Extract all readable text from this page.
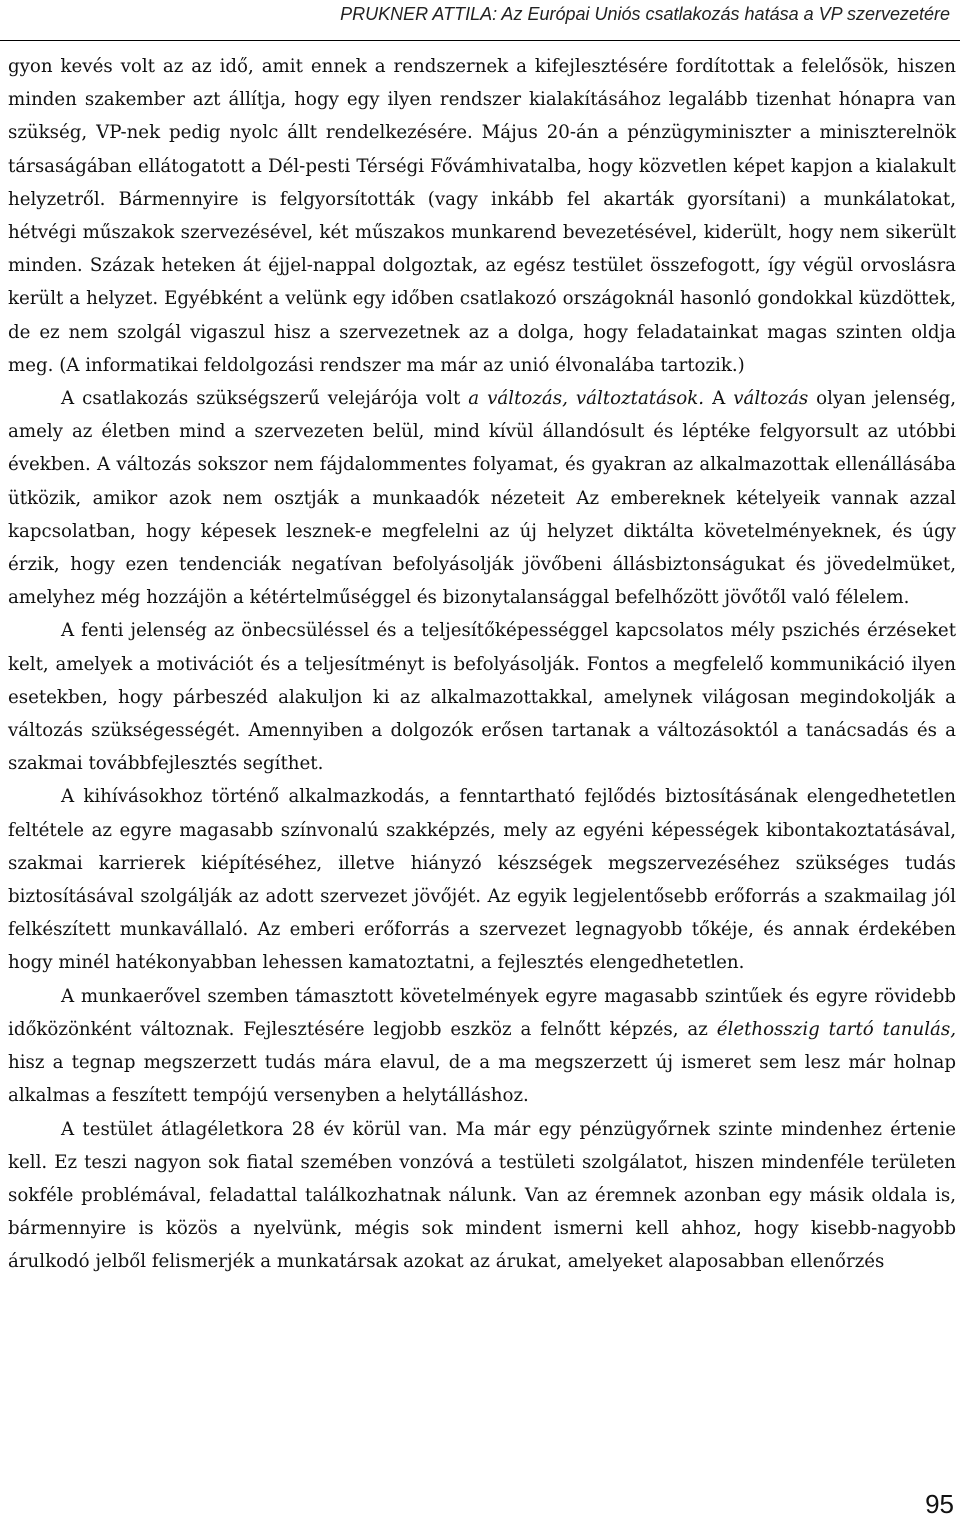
PRUKNER ATTILA: Az Európai Uniós csatlakozás hatása a VP szervezetére

gyon kevés volt az az idő, amit ennek a rendszernek a kifejlesztésére fordítottak a felelősök, hiszen minden szakember azt állítja, hogy egy ilyen rendszer kialakításához legalább tizenhat hónapra van szükség, VP-nek pedig nyolc állt rendelkezésére. Május 20-án a pénzügyminiszter a miniszterelnök társaságában ellátogatott a Dél-pesti Térségi Fővámhivatalba, hogy közvetlen képet kapjon a kialakult helyzetről. Bármennyire is felgyorsították (vagy inkább fel akarták gyorsítani) a munkálatokat, hétvégi műszakok szervezésével, két műszakos munkarend bevezetésével, kiderült, hogy nem sikerült minden. Százak heteken át éjjel-nappal dolgoztak, az egész testület összefogott, így végül orvoslásra került a helyzet. Egyébként a velünk egy időben csatlakozó országoknál hasonló gondokkal küzdöttek, de ez nem szolgál vigaszul hisz a szervezetnek az a dolga, hogy feladatainkat magas szinten oldja meg. (A informatikai feldolgozási rendszer ma már az unió élvonalába tartozik.)

A csatlakozás szükségszerű velejárója volt a változás, változtatások. A változás olyan jelenség, amely az életben mind a szervezeten belül, mind kívül állandósult és léptéke felgyorsult az utóbbi években. A változás sokszor nem fájdalommentes folyamat, és gyakran az alkalmazottak ellenállásába ütközik, amikor azok nem osztják a munkaadók nézeteit Az embereknek kételyeik vannak azzal kapcsolatban, hogy képesek lesznek-e megfelelni az új helyzet diktálta követelményeknek, és úgy érzik, hogy ezen tendenciák negatívan befolyásolják jövőbeni állásbiztonságukat és jövedelmüket, amelyhez még hozzájön a kétértelműséggel és bizonytalansággal befelhőzött jövőtől való félelem.

A fenti jelenség az önbecsüléssel és a teljesítőképességgel kapcsolatos mély pszichés érzéseket kelt, amelyek a motivációt és a teljesítményt is befolyásolják. Fontos a megfelelő kommunikáció ilyen esetekben, hogy párbeszéd alakuljon ki az alkalmazottakkal, amelynek világosan megindokolják a változás szükségességét. Amennyiben a dolgozók erősen tartanak a változásoktól a tanácsadás és a szakmai továbbfejlesztés segíthet.

A kihívásokhoz történő alkalmazkodás, a fenntartható fejlődés biztosításának elengedhetetlen feltétele az egyre magasabb színvonalú szakképzés, mely az egyéni képességek kibontakoztatásával, szakmai karrierek kiépítéséhez, illetve hiányzó készségek megszervezéséhez szükséges tudás biztosításával szolgálják az adott szervezet jövőjét. Az egyik legjelentősebb erőforrás a szakmailag jól felkészített munkavállaló. Az emberi erőforrás a szervezet legnagyobb tőkéje, és annak érdekében hogy minél hatékonyabban lehessen kamatoztatni, a fejlesztés elengedhetetlen.

A munkaerővel szemben támasztott követelmények egyre magasabb szintűek és egyre rövidebb időközönként változnak. Fejlesztésére legjobb eszköz a felnőtt képzés, az élethosszig tartó tanulás, hisz a tegnap megszerzett tudás mára elavul, de a ma megszerzett új ismeret sem lesz már holnap alkalmas a feszített tempójú versenyben a helytálláshoz.

A testület átlagéletkora 28 év körül van. Ma már egy pénzügyőrnek szinte mindenhez értenie kell. Ez teszi nagyon sok fiatal szemében vonzóvá a testületi szolgálatot, hiszen mindenféle területen sokféle problémával, feladattal találkozhatnak nálunk. Van az éremnek azonban egy másik oldala is, bármennyire is közös a nyelvünk, mégis sok mindent ismerni kell ahhoz, hogy kisebb-nagyobb árulkodó jelből felismerjék a munkatársak azokat az árukat, amelyeket alaposabban ellenőrzés

95
